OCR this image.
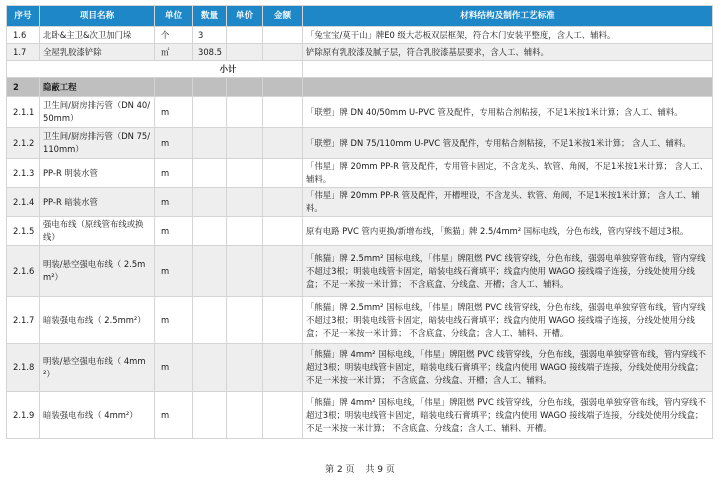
序号	项目名称	单位	数量	单价	金额	材料结构及制作工艺标准
1.6	北卧&主卫&次卫加门垛	个	3			「兔宝宝/莫干山」牌E0 级大芯板双层框架，符合木门安装平整度，含人工、辅料。
1.7	全屋乳胶漆铲除	㎡	308.5			铲除原有乳胶漆及腻子层，符合乳胶漆基层要求，含人工、辅料。
小计						
2	隐蔽工程					
2.1.1	卫生间/厨房排污管（DN 40/50mm）	m				「联塑」牌 DN 40/50mm U-PVC 管及配件，专用粘合剂粘接，不足1米按1米计算；含人工、辅料。
2.1.2	卫生间/厨房排污管（DN 75/110mm）	m				「联塑」牌 DN 75/110mm U-PVC 管及配件，专用粘合剂粘接，不足1米按1米计算； 含人工、辅料。
2.1.3	PP-R 明装水管	m				「伟星」牌 20mm PP-R 管及配件，专用管卡固定，不含龙头、软管、角阀，不足1米按1米计算； 含人工、辅料。
2.1.4	PP-R 暗装水管	m				「伟星」牌 20mm PP-R 管及配件，开槽埋设，不含龙头、软管、角阀，不足1米按1米计算； 含人工、辅料。
2.1.5	强电布线（原线管布线或换线）	m				原有电路 PVC 管内更换/新增布线，「熊猫」牌 2.5/4mm² 国标电线，分色布线，管内穿线不超过3根。
2.1.6	明装/悬空强电布线（ 2.5mm²）	m				「熊猫」牌 2.5mm² 国标电线，「伟星」牌阻燃 PVC 线管穿线，分色布线，强弱电单独穿管布线，管内穿线不超过3根；明装电线管卡固定，暗装电线石膏填平；线盒内使用 WAGO 接线端子连接，分线处使用分线盒；不足一米按一米计算； 不含底盒、分线盒、开槽；含人工、辅料。
2.1.7	暗装强电布线（ 2.5mm²）	m				「熊猫」牌 2.5mm² 国标电线，「伟星」牌阻燃 PVC 线管穿线，分色布线，强弱电单独穿管布线，管内穿线不超过3根；明装电线管卡固定，暗装电线石膏填平；线盒内使用 WAGO 接线端子连接，分线处使用分线盒；不足一米按一米计算； 不含底盒、分线盒；含人工、辅料、开槽。
2.1.8	明装/悬空强电布线（ 4mm²）	m				「熊猫」牌 4mm² 国标电线，「伟星」牌阻燃 PVC 线管穿线，分色布线，强弱电单独穿管布线，管内穿线不超过3根；明装电线管卡固定，暗装电线石膏填平；线盒内使用 WAGO 接线端子连接，分线处使用分线盒；不足一米按一米计算； 不含底盒、分线盒、开槽；含人工、辅料。
2.1.9	暗装强电布线（ 4mm²）	m				「熊猫」牌 4mm² 国标电线，「伟星」牌阻燃 PVC 线管穿线，分色布线，强弱电单独穿管布线，管内穿线不超过3根；明装电线管卡固定，暗装电线石膏填平；线盒内使用 WAGO 接线端子连接，分线处使用分线盒；不足一米按一米计算； 不含底盒、分线盒；含人工、辅料、开槽。
第 2 页 共 9 页
